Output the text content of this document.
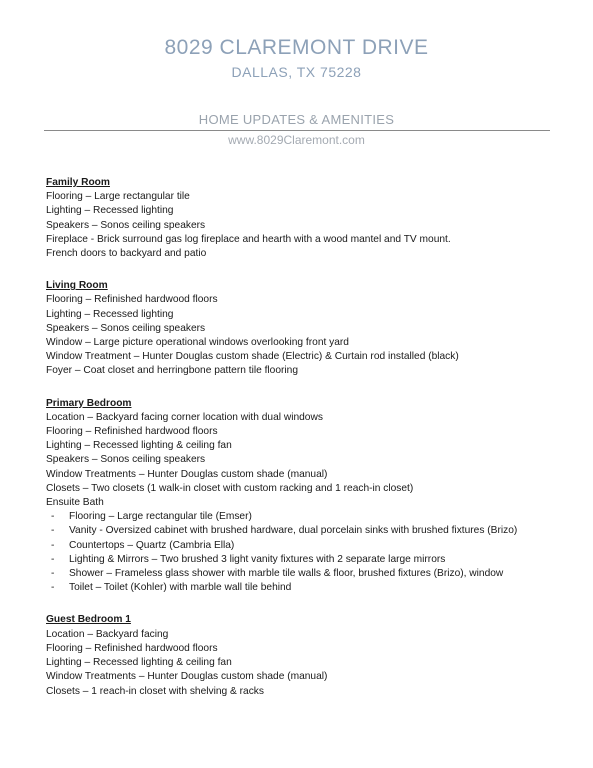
8029 CLAREMONT DRIVE
DALLAS, TX 75228
HOME UPDATES & AMENITIES
www.8029Claremont.com
Family Room
Flooring – Large rectangular tile
Lighting – Recessed lighting
Speakers – Sonos ceiling speakers
Fireplace - Brick surround gas log fireplace and hearth with a wood mantel and TV mount.
French doors to backyard and patio
Living Room
Flooring – Refinished hardwood floors
Lighting – Recessed lighting
Speakers – Sonos ceiling speakers
Window – Large picture operational windows overlooking front yard
Window Treatment – Hunter Douglas custom shade (Electric) & Curtain rod installed (black)
Foyer – Coat closet and herringbone pattern tile flooring
Primary Bedroom
Location – Backyard facing corner location with dual windows
Flooring – Refinished hardwood floors
Lighting – Recessed lighting & ceiling fan
Speakers – Sonos ceiling speakers
Window Treatments – Hunter Douglas custom shade (manual)
Closets – Two closets (1 walk-in closet with custom racking and 1 reach-in closet)
Ensuite Bath
- Flooring – Large rectangular tile (Emser)
- Vanity - Oversized cabinet with brushed hardware, dual porcelain sinks with brushed fixtures (Brizo)
- Countertops – Quartz (Cambria Ella)
- Lighting & Mirrors – Two brushed 3 light vanity fixtures with 2 separate large mirrors
- Shower – Frameless glass shower with marble tile walls & floor, brushed fixtures (Brizo), window
- Toilet – Toilet (Kohler) with marble wall tile behind
Guest Bedroom 1
Location – Backyard facing
Flooring – Refinished hardwood floors
Lighting – Recessed lighting & ceiling fan
Window Treatments – Hunter Douglas custom shade (manual)
Closets – 1 reach-in closet with shelving & racks
